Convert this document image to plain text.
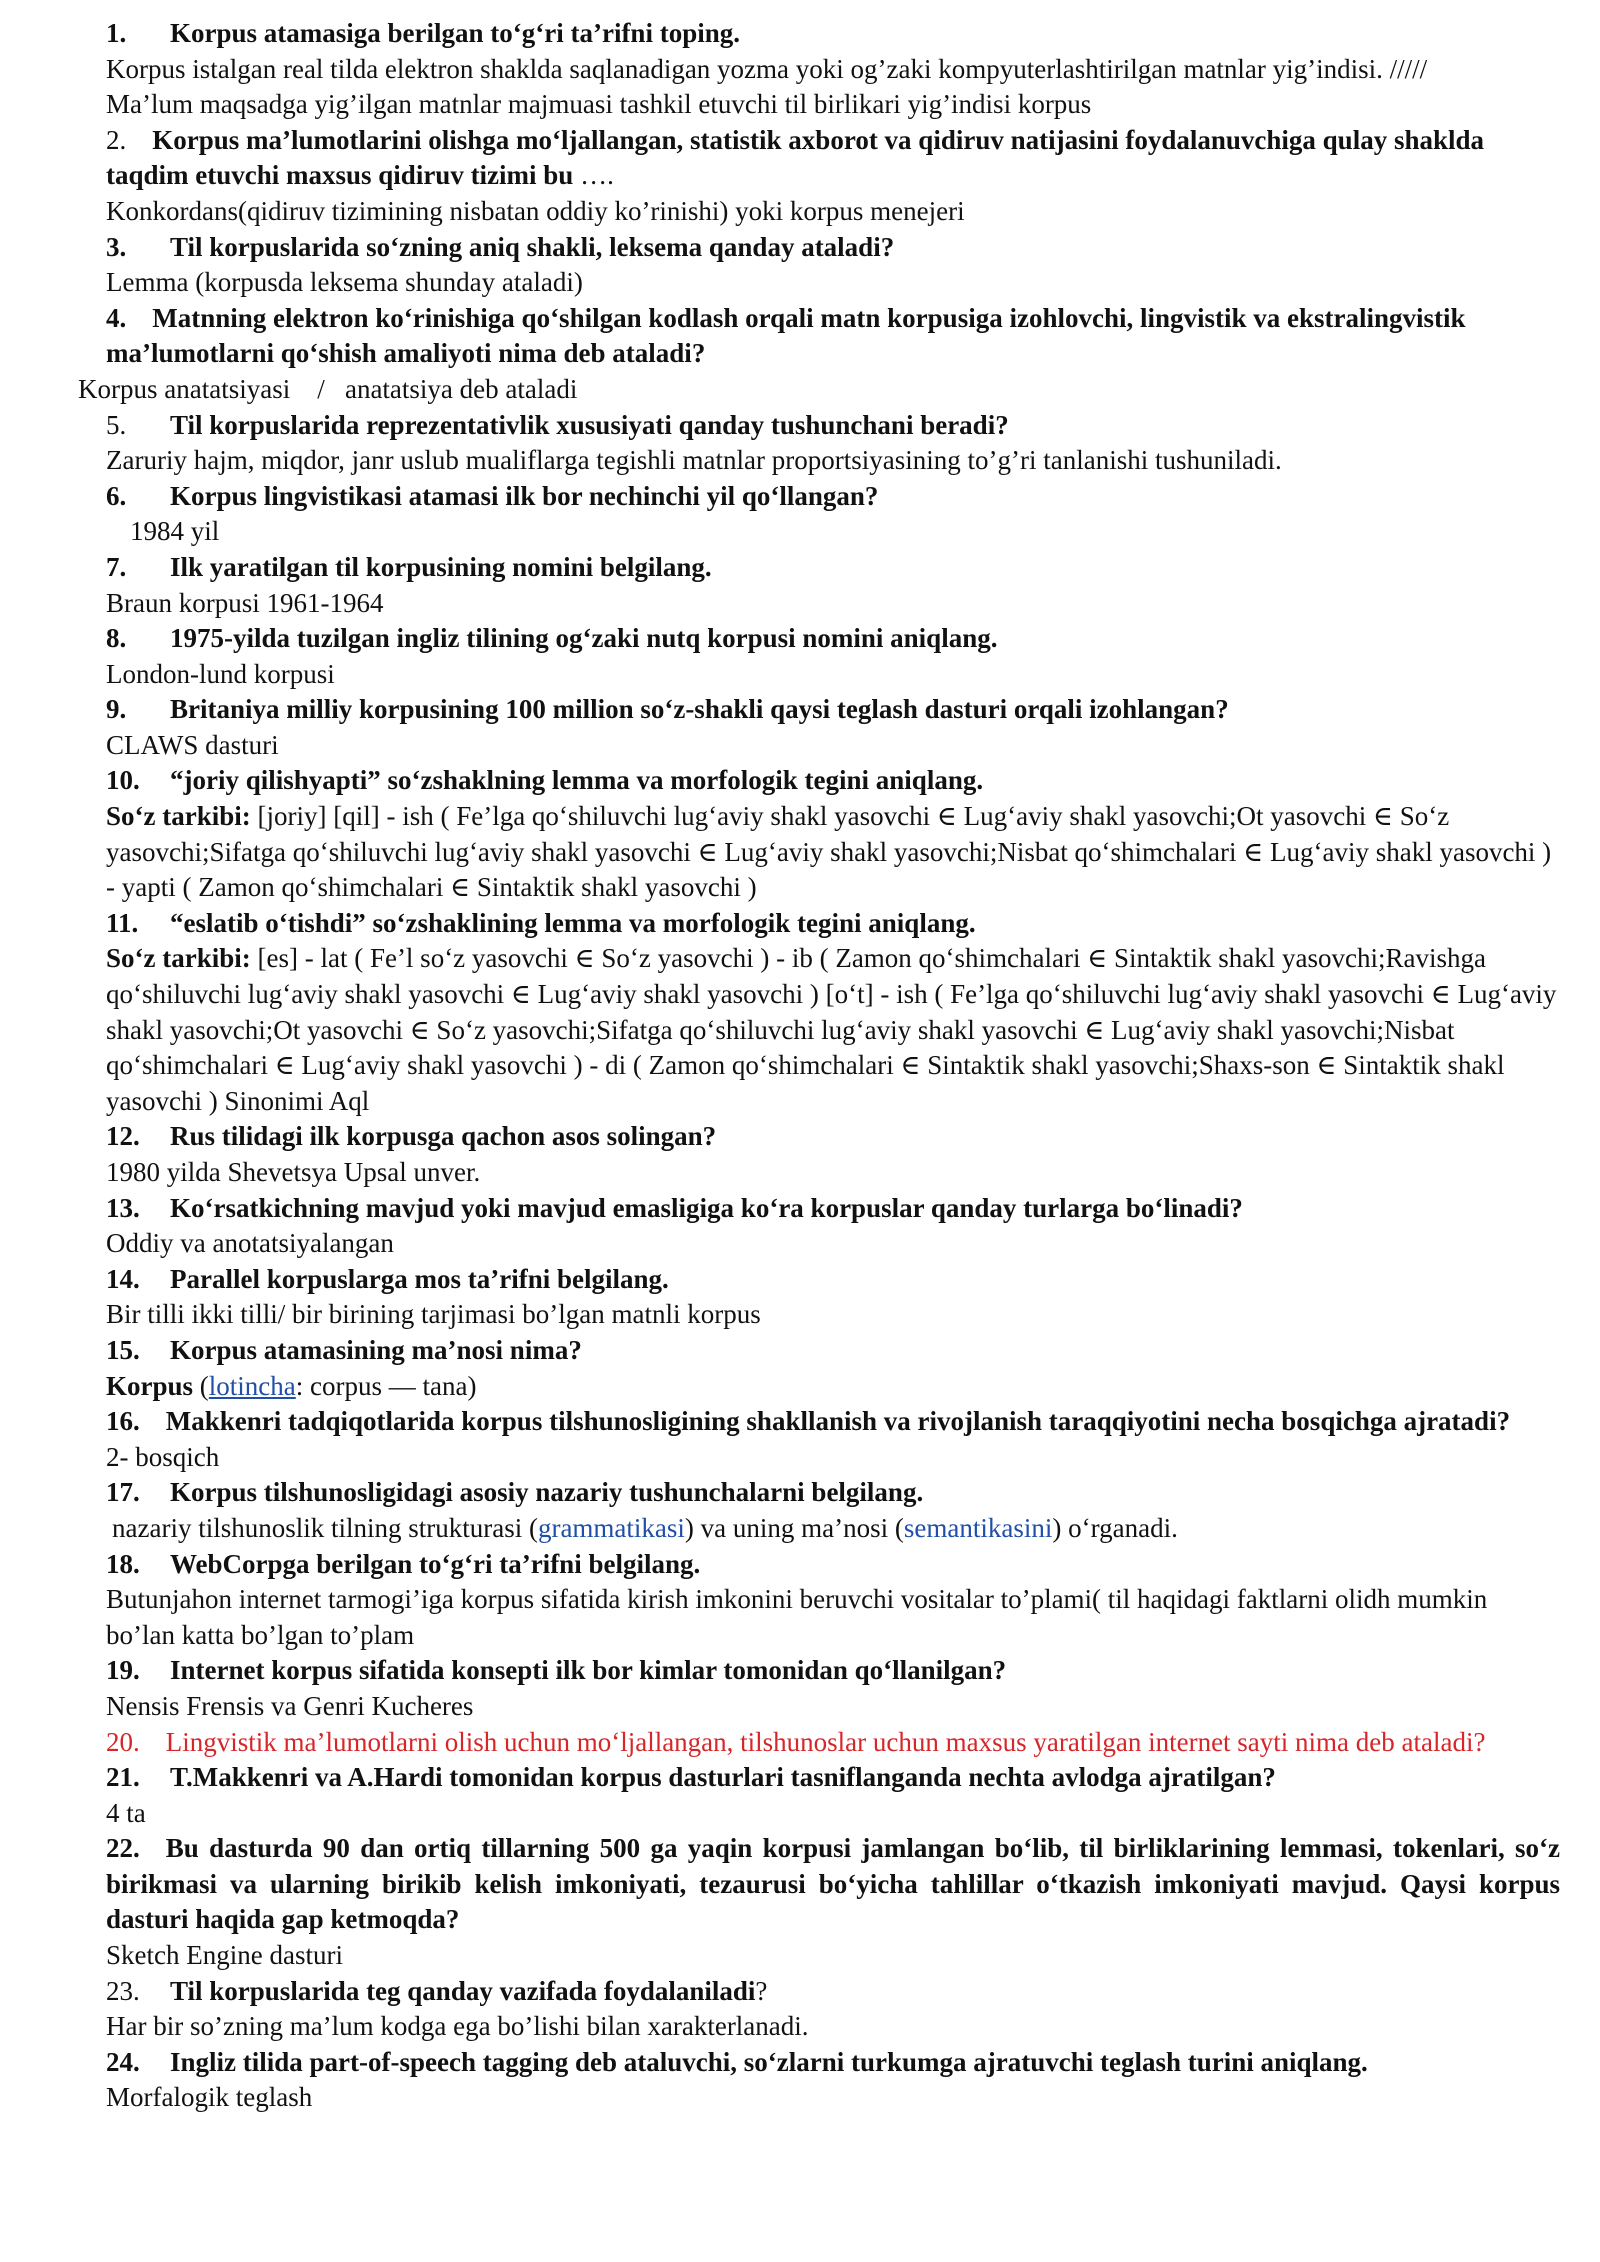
1.	Korpus atamasiga berilgan to‘g‘ri ta’rifni toping.
Korpus istalgan real tilda elektron shaklda saqlanadigan yozma yoki og’zaki kompyuterlashtirilgan matnlar yig’indisi. /////
Ma’lum maqsadga yig’ilgan matnlar majmuasi tashkil etuvchi til birlikari yig’indisi korpus
2. Korpus ma’lumotlarini olishga mo‘ljallangan, statistik axborot va qidiruv natijasini foydalanuvchiga qulay shaklda taqdim etuvchi maxsus qidiruv tizimi bu ….
Konkordans(qidiruv tizimining nisbatan oddiy ko’rinishi) yoki korpus menejeri
3.	Til korpuslarida so‘zning aniq shakli, leksema qanday ataladi?
Lemma (korpusda leksema shunday ataladi)
4. Matnning elektron ko‘rinishiga qo‘shilgan kodlash orqali matn korpusiga izohlovchi, lingvistik va ekstralingvistik ma’lumotlarni qo‘shish amaliyoti nima deb ataladi?
Korpus anatatsiyasi    /   anatatsiya deb ataladi
5.	Til korpuslarida reprezentativlik xususiyati qanday tushunchani beradi?
Zaruriy hajm, miqdor, janr uslub mualiflarga tegishli matnlar proportsiyasining to’g’ri tanlanishi tushuniladi.
6.	Korpus lingvistikasi atamasi ilk bor nechinchi yil qo‘llangan?
1984 yil
7.	Ilk yaratilgan til korpusining nomini belgilang.
Braun korpusi 1961-1964
8.	1975-yilda tuzilgan ingliz tilining og‘zaki nutq korpusi nomini aniqlang.
London-lund korpusi
9.	Britaniya milliy korpusining 100 million so‘z-shakli qaysi teglash dasturi orqali izohlangan?
CLAWS dasturi
10.	“joriy qilishyapti” so‘zshaklning lemma va morfologik tegini aniqlang.
So‘z tarkibi: [joriy] [qil] - ish ( Fe’lga qo‘shiluvchi lug‘aviy shakl yasovchi ∈ Lug‘aviy shakl yasovchi;Ot yasovchi ∈ So‘z yasovchi;Sifatga qo‘shiluvchi lug‘aviy shakl yasovchi ∈ Lug‘aviy shakl yasovchi;Nisbat qo‘shimchalari ∈ Lug‘aviy shakl yasovchi ) - yapti ( Zamon qo‘shimchalari ∈ Sintaktik shakl yasovchi )
11.	“eslatib o‘tishdi” so‘zshaklining lemma va morfologik tegini aniqlang.
So‘z tarkibi: [es] - lat ( Fe’l so‘z yasovchi ∈ So‘z yasovchi ) - ib ( Zamon qo‘shimchalari ∈ Sintaktik shakl yasovchi;Ravishga qo‘shiluvchi lug‘aviy shakl yasovchi ∈ Lug‘aviy shakl yasovchi ) [o‘t] - ish ( Fe’lga qo‘shiluvchi lug‘aviy shakl yasovchi ∈ Lug‘aviy shakl yasovchi;Ot yasovchi ∈ So‘z yasovchi;Sifatga qo‘shiluvchi lug‘aviy shakl yasovchi ∈ Lug‘aviy shakl yasovchi;Nisbat qo‘shimchalari ∈ Lug‘aviy shakl yasovchi ) - di ( Zamon qo‘shimchalari ∈ Sintaktik shakl yasovchi;Shaxs-son ∈ Sintaktik shakl yasovchi ) Sinonimi Aql
12.	Rus tilidagi ilk korpusga qachon asos solingan?
1980 yilda Shevetsya Upsal unver.
13.	Ko‘rsatkichning mavjud yoki mavjud emasligiga ko‘ra korpuslar qanday turlarga bo‘linadi?
Oddiy va anotatsiyalangan
14.	Parallel korpuslarga mos ta’rifni belgilang.
Bir tilli ikki tilli/ bir birining tarjimasi bo’lgan matnli korpus
15.	Korpus atamasining ma’nosi nima?
Korpus (lotincha: corpus — tana)
16. Makkenri tadqiqotlarida korpus tilshunosligining shakllanish va rivojlanish taraqqiyotini necha bosqichga ajratadi?
2- bosqich
17.	Korpus tilshunosligidagi asosiy nazariy tushunchalarni belgilang.
nazariy tilshunoslik tilning strukturasi (grammatikasi) va uning ma’nosi (semantikasini) o‘rganadi.
18.	WebCorpga berilgan to‘g‘ri ta’rifni belgilang.
Butunjahon internet tarmogi’iga korpus sifatida kirish imkonini beruvchi vositalar to’plami( til haqidagi faktlarni olidh mumkin bo’lan katta bo’lgan to’plam
19.	Internet korpus sifatida konsepti ilk bor kimlar tomonidan qo‘llanilgan?
Nensis Frensis va Genri Kucheres
20. Lingvistik ma’lumotlarni olish uchun mo‘ljallangan, tilshunoslar uchun maxsus yaratilgan internet sayti nima deb ataladi?
21.	T.Makkenri va A.Hardi tomonidan korpus dasturlari tasniflanganda nechta avlodga ajratilgan?
4 ta
22. Bu dasturda 90 dan ortiq tillarning 500 ga yaqin korpusi jamlangan bo‘lib, til birliklarining lemmasi, tokenlari, so‘z birikmasi va ularning birikib kelish imkoniyati, tezaurusi bo‘yicha tahlillar o‘tkazish imkoniyati mavjud. Qaysi korpus dasturi haqida gap ketmoqda?
Sketch Engine dasturi
23.	Til korpuslarida teg qanday vazifada foydalaniladi?
Har bir so’zning ma’lum kodga ega bo’lishi bilan xarakterlanadi.
24.	Ingliz tilida part-of-speech tagging deb ataluvchi, so‘zlarni turkumga ajratuvchi teglash turini aniqlang.
Morfalogik teglash
